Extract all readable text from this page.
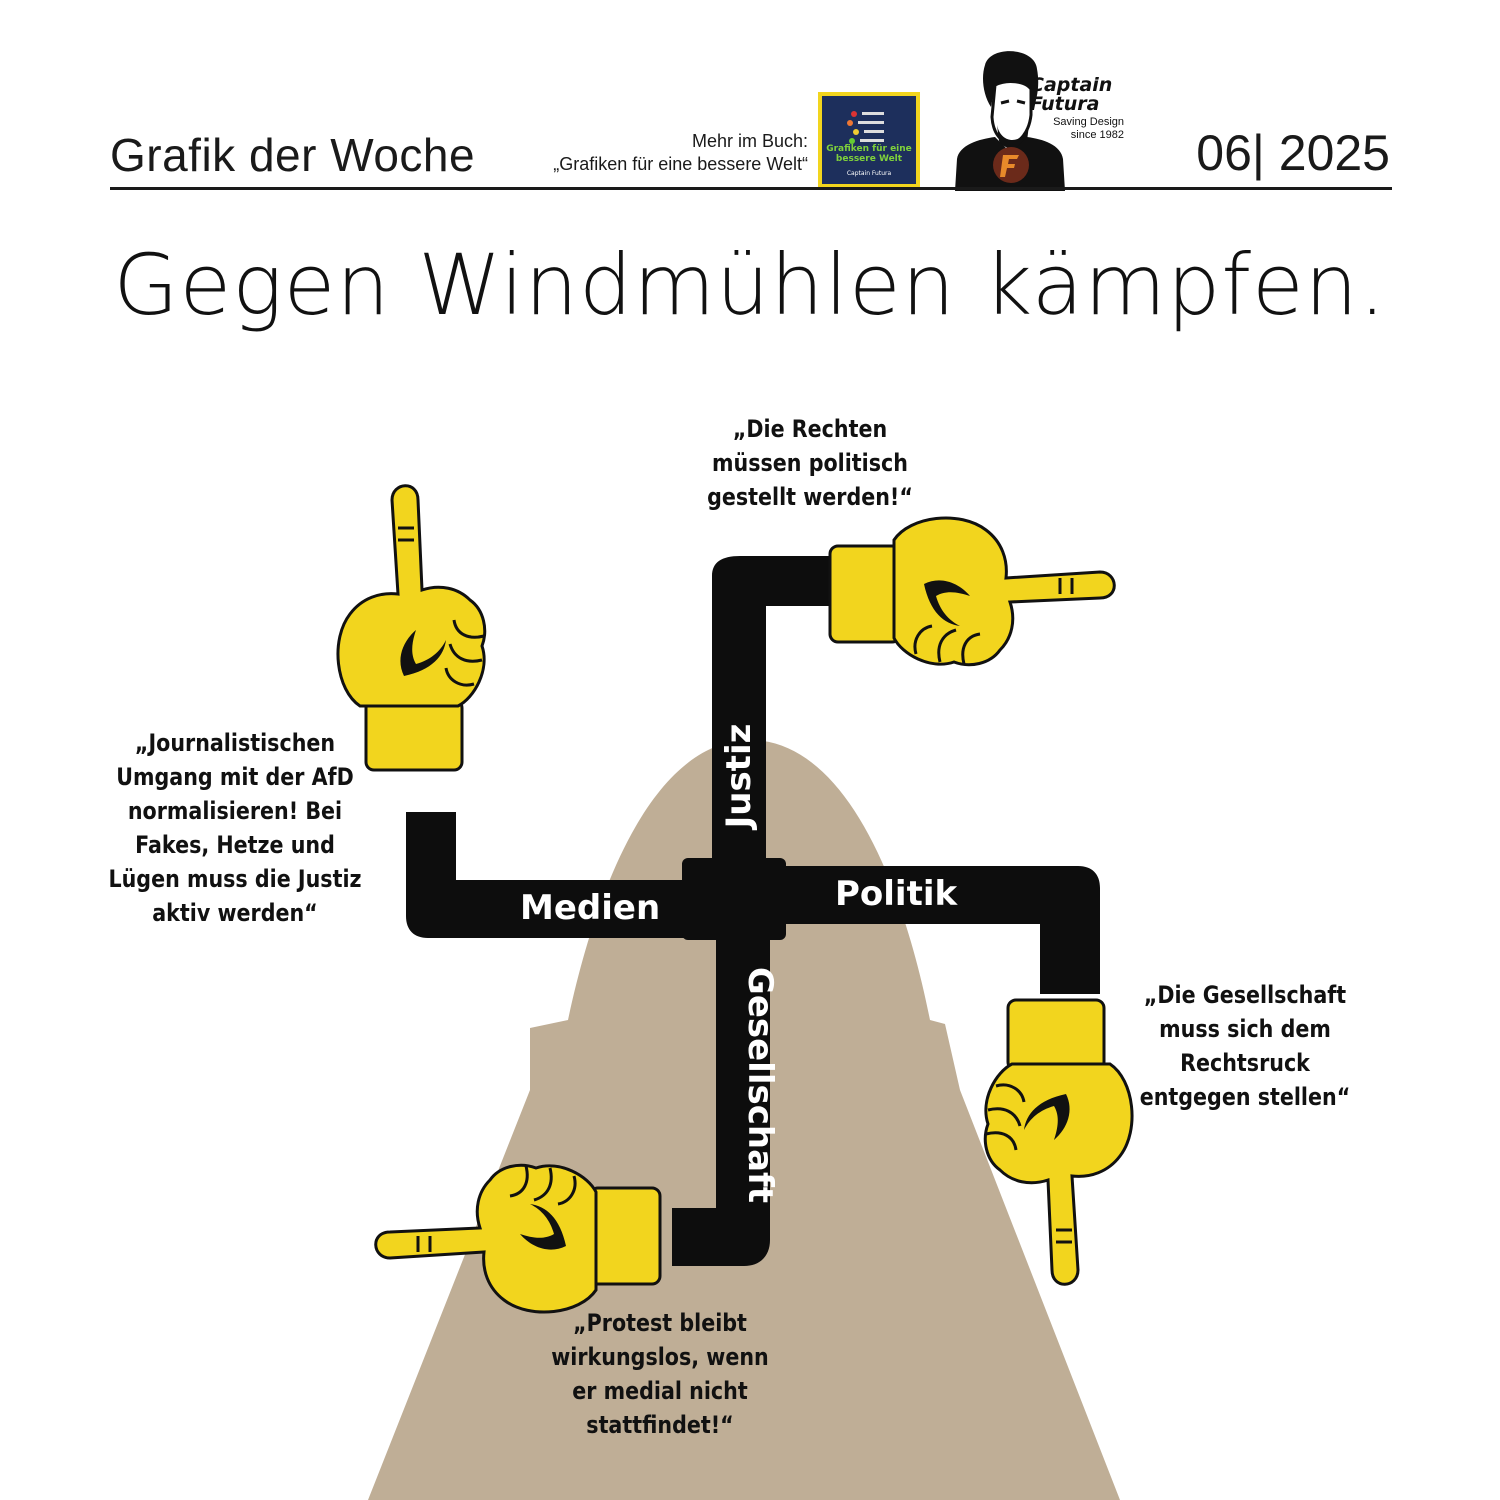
Grafik der Woche	Mehr im Buch:
„Grafiken für eine bessere Welt“
Grafiken für eine bessere Welt
Captain Futura
Captain Futura
Saving Design
since 1982 06| 2025
Gegen Windmühlen kämpfen.
Justiz
Medien	Politik
Gesellschaft
„Die Rechten müssen politisch gestellt werden!“
„Journalistischen Umgang mit der AfD normalisieren! Bei Fakes, Hetze und Lügen muss die Justiz aktiv werden“
„Die Gesellschaft muss sich dem Rechtsruck entgegen stellen“
„Protest bleibt wirkungslos, wenn er medial nicht stattfindet!“
